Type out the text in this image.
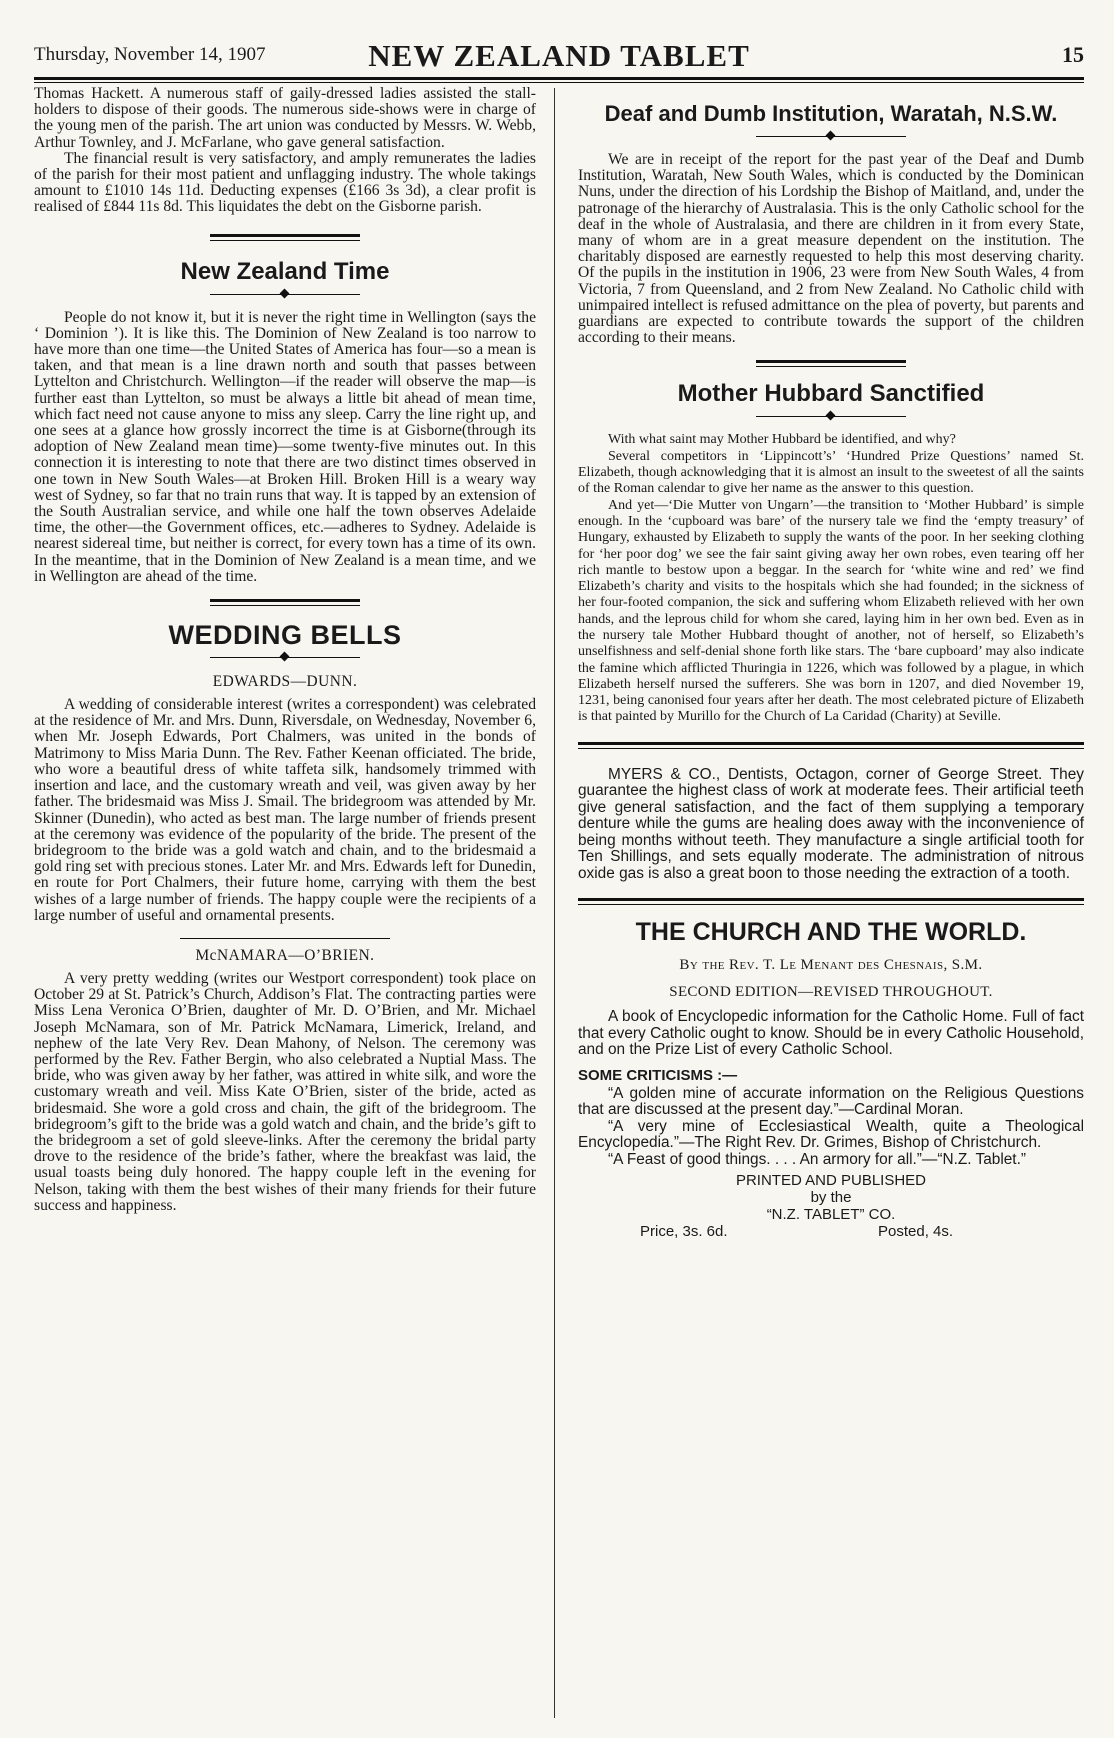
Thursday, November 14, 1907	NEW ZEALAND TABLET	15

Thomas Hackett. A numerous staff of gaily-dressed ladies assisted the stall-holders to dispose of their goods. The numerous side-shows were in charge of the young men of the parish. The art union was conducted by Messrs. W. Webb, Arthur Townley, and J. McFarlane, who gave general satisfaction.

The financial result is very satisfactory, and amply remunerates the ladies of the parish for their most patient and unflagging industry. The whole takings amount to £1010 14s 11d. Deducting expenses (£166 3s 3d), a clear profit is realised of £844 11s 8d. This liquidates the debt on the Gisborne parish.

New Zealand Time

People do not know it, but it is never the right time in Wellington (says the ‘ Dominion ’). It is like this. The Dominion of New Zealand is too narrow to have more than one time—the United States of America has four—so a mean is taken, and that mean is a line drawn north and south that passes between Lyttelton and Christchurch. Wellington—if the reader will observe the map—is further east than Lyttelton, so must be always a little bit ahead of mean time, which fact need not cause anyone to miss any sleep. Carry the line right up, and one sees at a glance how grossly incorrect the time is at Gisborne(through its adoption of New Zealand mean time)—some twenty-five minutes out. In this connection it is interesting to note that there are two distinct times observed in one town in New South Wales—at Broken Hill. Broken Hill is a weary way west of Sydney, so far that no train runs that way. It is tapped by an extension of the South Australian service, and while one half the town observes Adelaide time, the other—the Government offices, etc.—adheres to Sydney. Adelaide is nearest sidereal time, but neither is correct, for every town has a time of its own. In the meantime, that in the Dominion of New Zealand is a mean time, and we in Wellington are ahead of the time.

WEDDING BELLS
EDWARDS—DUNN.

A wedding of considerable interest (writes a correspondent) was celebrated at the residence of Mr. and Mrs. Dunn, Riversdale, on Wednesday, November 6, when Mr. Joseph Edwards, Port Chalmers, was united in the bonds of Matrimony to Miss Maria Dunn. The Rev. Father Keenan officiated. The bride, who wore a beautiful dress of white taffeta silk, handsomely trimmed with insertion and lace, and the customary wreath and veil, was given away by her father. The bridesmaid was Miss J. Smail. The bridegroom was attended by Mr. Skinner (Dunedin), who acted as best man. The large number of friends present at the ceremony was evidence of the popularity of the bride. The present of the bridegroom to the bride was a gold watch and chain, and to the bridesmaid a gold ring set with precious stones. Later Mr. and Mrs. Edwards left for Dunedin, en route for Port Chalmers, their future home, carrying with them the best wishes of a large number of friends. The happy couple were the recipients of a large number of useful and ornamental presents.

McNAMARA—O’BRIEN.

A very pretty wedding (writes our Westport correspondent) took place on October 29 at St. Patrick’s Church, Addison’s Flat. The contracting parties were Miss Lena Veronica O’Brien, daughter of Mr. D. O’Brien, and Mr. Michael Joseph McNamara, son of Mr. Patrick McNamara, Limerick, Ireland, and nephew of the late Very Rev. Dean Mahony, of Nelson. The ceremony was performed by the Rev. Father Bergin, who also celebrated a Nuptial Mass. The bride, who was given away by her father, was attired in white silk, and wore the customary wreath and veil. Miss Kate O’Brien, sister of the bride, acted as bridesmaid. She wore a gold cross and chain, the gift of the bridegroom. The bridegroom’s gift to the bride was a gold watch and chain, and the bride’s gift to the bridegroom a set of gold sleeve-links. After the ceremony the bridal party drove to the residence of the bride’s father, where the breakfast was laid, the usual toasts being duly honored. The happy couple left in the evening for Nelson, taking with them the best wishes of their many friends for their future success and happiness.

Deaf and Dumb Institution, Waratah, N.S.W.

We are in receipt of the report for the past year of the Deaf and Dumb Institution, Waratah, New South Wales, which is conducted by the Dominican Nuns, under the direction of his Lordship the Bishop of Maitland, and, under the patronage of the hierarchy of Australasia. This is the only Catholic school for the deaf in the whole of Australasia, and there are children in it from every State, many of whom are in a great measure dependent on the institution. The charitably disposed are earnestly requested to help this most deserving charity. Of the pupils in the institution in 1906, 23 were from New South Wales, 4 from Victoria, 7 from Queensland, and 2 from New Zealand. No Catholic child with unimpaired intellect is refused admittance on the plea of poverty, but parents and guardians are expected to contribute towards the support of the children according to their means.

Mother Hubbard Sanctified

With what saint may Mother Hubbard be identified, and why?

Several competitors in ‘Lippincott’s’ ‘Hundred Prize Questions’ named St. Elizabeth, though acknowledging that it is almost an insult to the sweetest of all the saints of the Roman calendar to give her name as the answer to this question.

And yet—‘Die Mutter von Ungarn’—the transition to ‘Mother Hubbard’ is simple enough. In the ‘cupboard was bare’ of the nursery tale we find the ‘empty treasury’ of Hungary, exhausted by Elizabeth to supply the wants of the poor. In her seeking clothing for ‘her poor dog’ we see the fair saint giving away her own robes, even tearing off her rich mantle to bestow upon a beggar. In the search for ‘white wine and red’ we find Elizabeth’s charity and visits to the hospitals which she had founded; in the sickness of her four-footed companion, the sick and suffering whom Elizabeth relieved with her own hands, and the leprous child for whom she cared, laying him in her own bed. Even as in the nursery tale Mother Hubbard thought of another, not of herself, so Elizabeth’s unselfishness and self-denial shone forth like stars. The ‘bare cupboard’ may also indicate the famine which afflicted Thuringia in 1226, which was followed by a plague, in which Elizabeth herself nursed the sufferers. She was born in 1207, and died November 19, 1231, being canonised four years after her death. The most celebrated picture of Elizabeth is that painted by Murillo for the Church of La Caridad (Charity) at Seville.

MYERS & CO., Dentists, Octagon, corner of George Street. They guarantee the highest class of work at moderate fees. Their artificial teeth give general satisfaction, and the fact of them supplying a temporary denture while the gums are healing does away with the inconvenience of being months without teeth. They manufacture a single artificial tooth for Ten Shillings, and sets equally moderate. The administration of nitrous oxide gas is also a great boon to those needing the extraction of a tooth.

THE CHURCH AND THE WORLD.
By the Rev. T. Le Menant des Chesnais, S.M.
SECOND EDITION—REVISED THROUGHOUT.

A book of Encyclopedic information for the Catholic Home. Full of fact that every Catholic ought to know. Should be in every Catholic Household, and on the Prize List of every Catholic School.

SOME CRITICISMS :—

“A golden mine of accurate information on the Religious Questions that are discussed at the present day.”—Cardinal Moran.

“A very mine of Ecclesiastical Wealth, quite a Theological Encyclopedia.”—The Right Rev. Dr. Grimes, Bishop of Christchurch.

“A Feast of good things. . . . An armory for all.”—“N.Z. Tablet.”

PRINTED AND PUBLISHED
by the
“N.Z. TABLET” CO.
Price, 3s. 6d.	Posted, 4s.
